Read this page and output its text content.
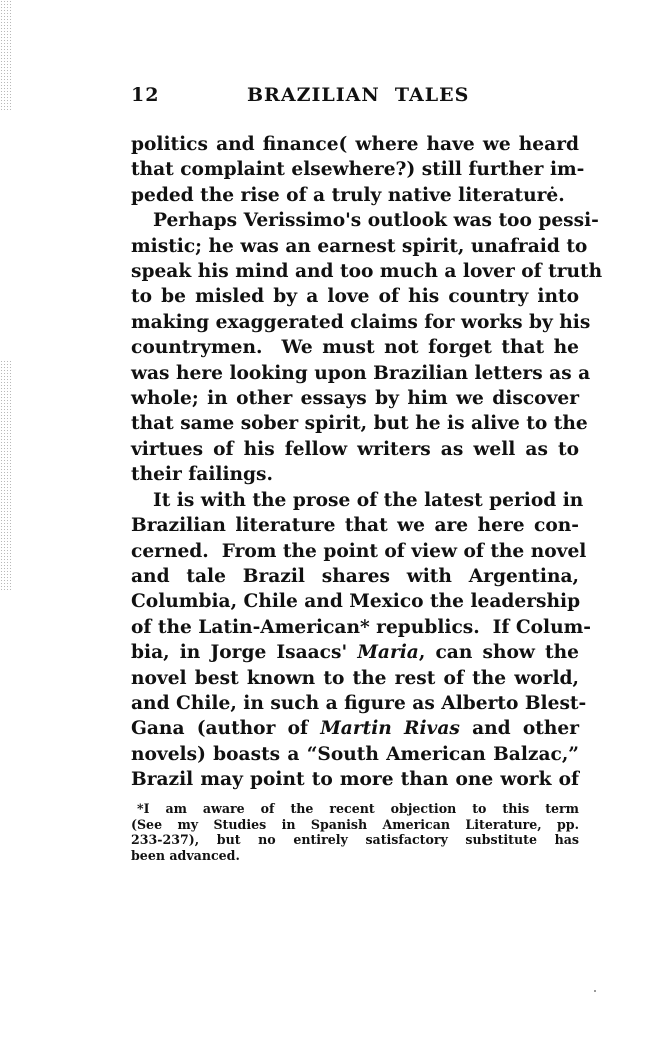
12	BRAZILIAN  TALES
politics and finance( where have we heard
that complaint elsewhere?) still further im-
peded the rise of a truly native literaturė.
Perhaps Verissimo's outlook was too pessi-
mistic; he was an earnest spirit, unafraid to
speak his mind and too much a lover of truth
to be misled by a love of his country into
making exaggerated claims for works by his
countrymen.  We must not forget that he
was here looking upon Brazilian letters as a
whole; in other essays by him we discover
that same sober spirit, but he is alive to the
virtues of his fellow writers as well as to
their failings.
It is with the prose of the latest period in
Brazilian literature that we are here con-
cerned.  From the point of view of the novel
and tale Brazil shares with Argentina,
Columbia, Chile and Mexico the leadership
of the Latin-American* republics.  If Colum-
bia, in Jorge Isaacs' Maria, can show the
novel best known to the rest of the world,
and Chile, in such a figure as Alberto Blest-
Gana (author of Martin Rivas and other
novels) boasts a “South American Balzac,”
Brazil may point to more than one work of
*I am aware of the recent objection to this term
(See my Studies in Spanish American Literature, pp.
233-237), but no entirely satisfactory substitute has
been advanced.
